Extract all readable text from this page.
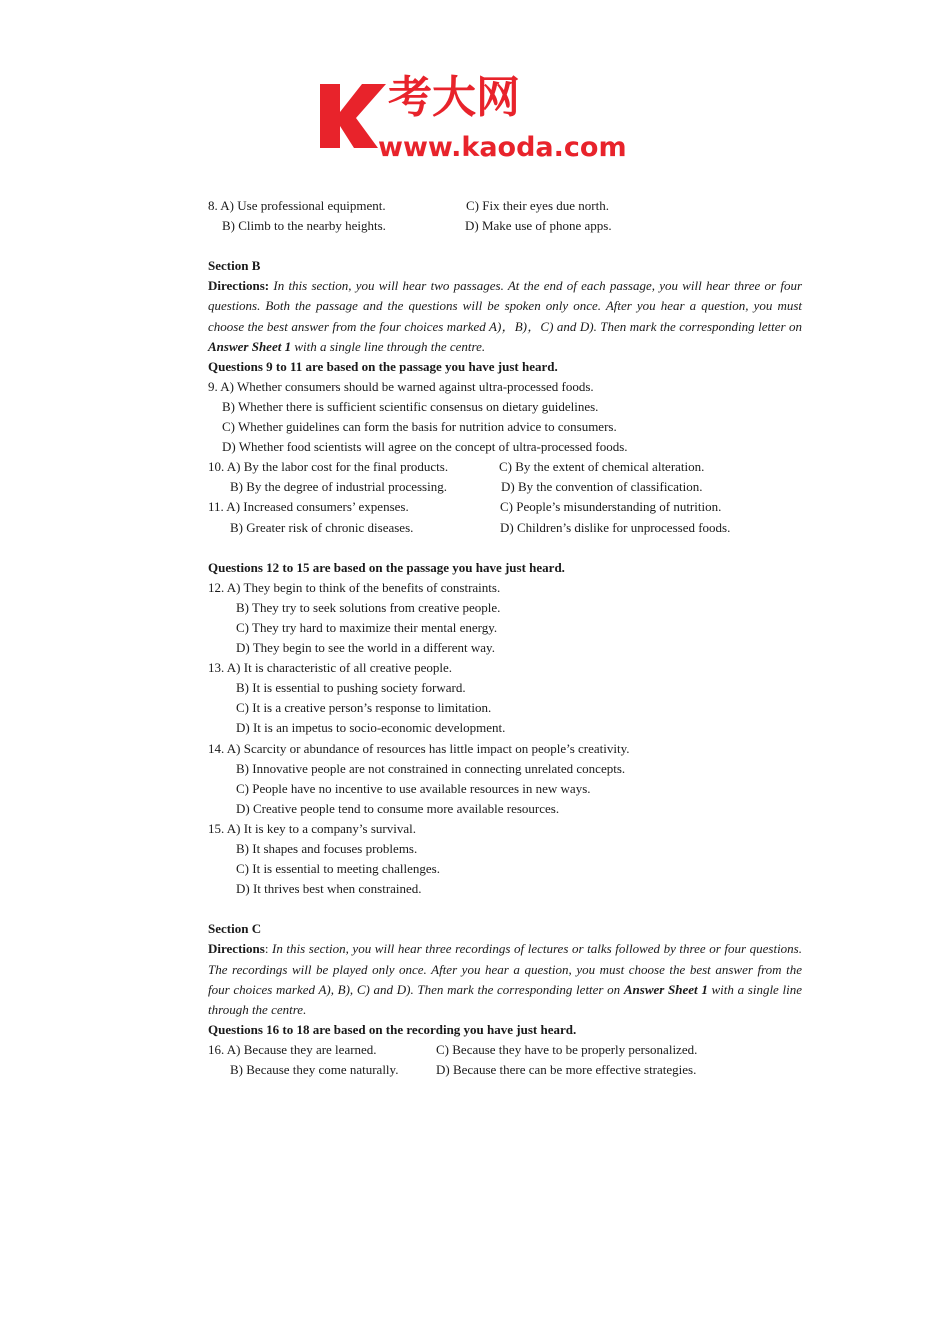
考大网
www.kaoda.com
8. A) Use professional equipment.	C) Fix their eyes due north.
B) Climb to the nearby heights.	D) Make use of phone apps.
Section B
Directions: In this section, you will hear two passages. At the end of each passage, you will hear three or four questions. Both the passage and the questions will be spoken only once. After you hear a question, you must choose the best answer from the four choices marked A)，B)，C) and D). Then mark the corresponding letter on Answer Sheet 1 with a single line through the centre.
Questions 9 to 11 are based on the passage you have just heard.
9. A) Whether consumers should be warned against ultra-processed foods.
B) Whether there is sufficient scientific consensus on dietary guidelines.
C) Whether guidelines can form the basis for nutrition advice to consumers.
D) Whether food scientists will agree on the concept of ultra-processed foods.
10. A) By the labor cost for the final products.	C) By the extent of chemical alteration.
B) By the degree of industrial processing.	D) By the convention of classification.
11. A) Increased consumers’ expenses.	C) People’s misunderstanding of nutrition.
B) Greater risk of chronic diseases.	D) Children’s dislike for unprocessed foods.
Questions 12 to 15 are based on the passage you have just heard.
12. A) They begin to think of the benefits of constraints.
B) They try to seek solutions from creative people.
C) They try hard to maximize their mental energy.
D) They begin to see the world in a different way.
13. A) It is characteristic of all creative people.
B) It is essential to pushing society forward.
C) It is a creative person’s response to limitation.
D) It is an impetus to socio-economic development.
14. A) Scarcity or abundance of resources has little impact on people’s creativity.
B) Innovative people are not constrained in connecting unrelated concepts.
C) People have no incentive to use available resources in new ways.
D) Creative people tend to consume more available resources.
15. A) It is key to a company’s survival.
B) It shapes and focuses problems.
C) It is essential to meeting challenges.
D) It thrives best when constrained.
Section C
Directions: In this section, you will hear three recordings of lectures or talks followed by three or four questions. The recordings will be played only once. After you hear a question, you must choose the best answer from the four choices marked A), B), C) and D). Then mark the corresponding letter on Answer Sheet 1 with a single line through the centre.
Questions 16 to 18 are based on the recording you have just heard.
16. A) Because they are learned.	C) Because they have to be properly personalized.
B) Because they come naturally.	D) Because there can be more effective strategies.
